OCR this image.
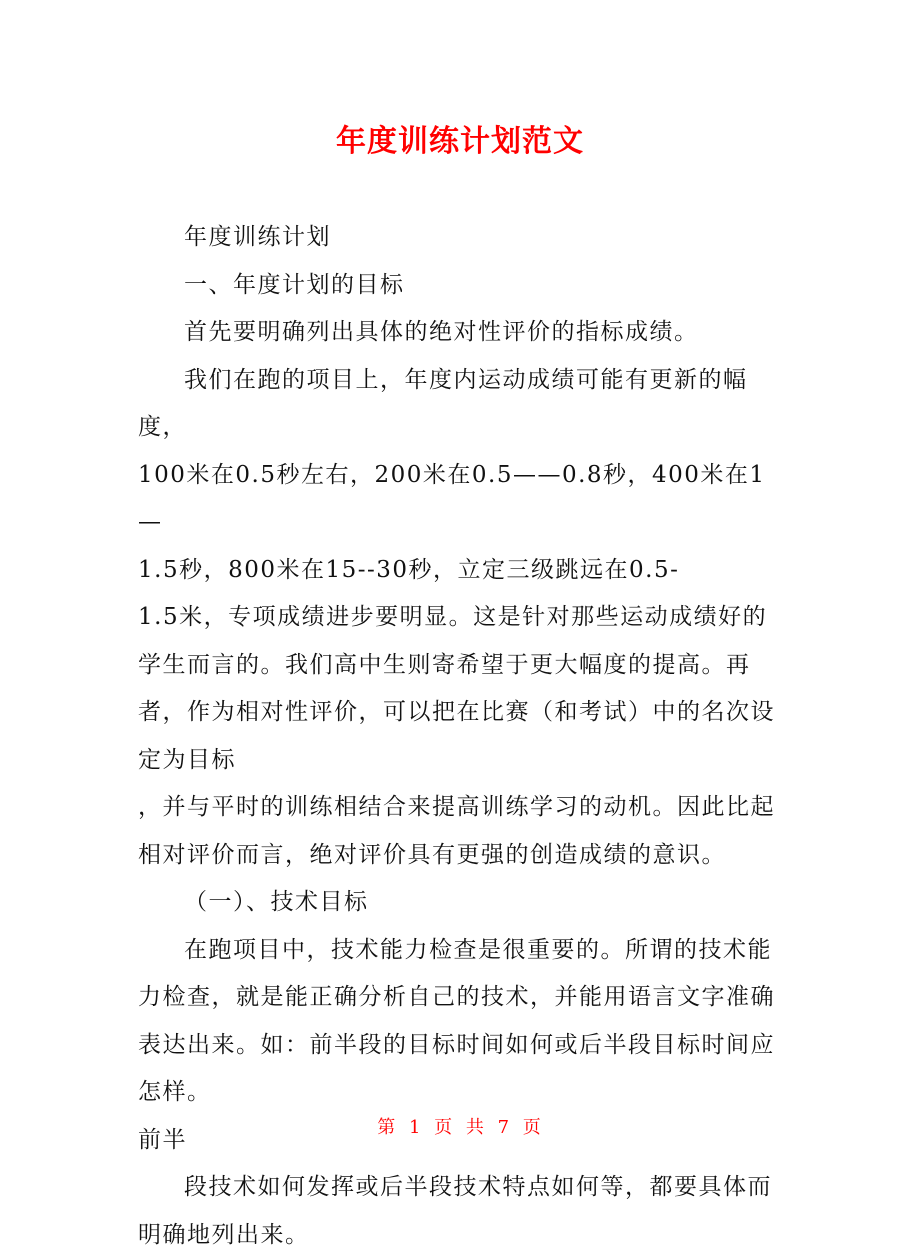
年度训练计划范文

年度训练计划

一、年度计划的目标

首先要明确列出具体的绝对性评价的指标成绩。

我们在跑的项目上，年度内运动成绩可能有更新的幅度，

100米在0.5秒左右，200米在0.5——0.8秒，400米在1—

1.5秒，800米在15--30秒，立定三级跳远在0.5-

1.5米，专项成绩进步要明显。这是针对那些运动成绩好的学生而言的。我们高中生则寄希望于更大幅度的提高。再者，作为相对性评价，可以把在比赛（和考试）中的名次设定为目标

，并与平时的训练相结合来提高训练学习的动机。因此比起相对评价而言，绝对评价具有更强的创造成绩的意识。

（一）、技术目标

在跑项目中，技术能力检查是很重要的。所谓的技术能力检查，就是能正确分析自己的技术，并能用语言文字准确表达出来。如：前半段的目标时间如何或后半段目标时间应怎样。

前半

段技术如何发挥或后半段技术特点如何等，都要具体而明确地列出来。

第 1 页 共 7 页
